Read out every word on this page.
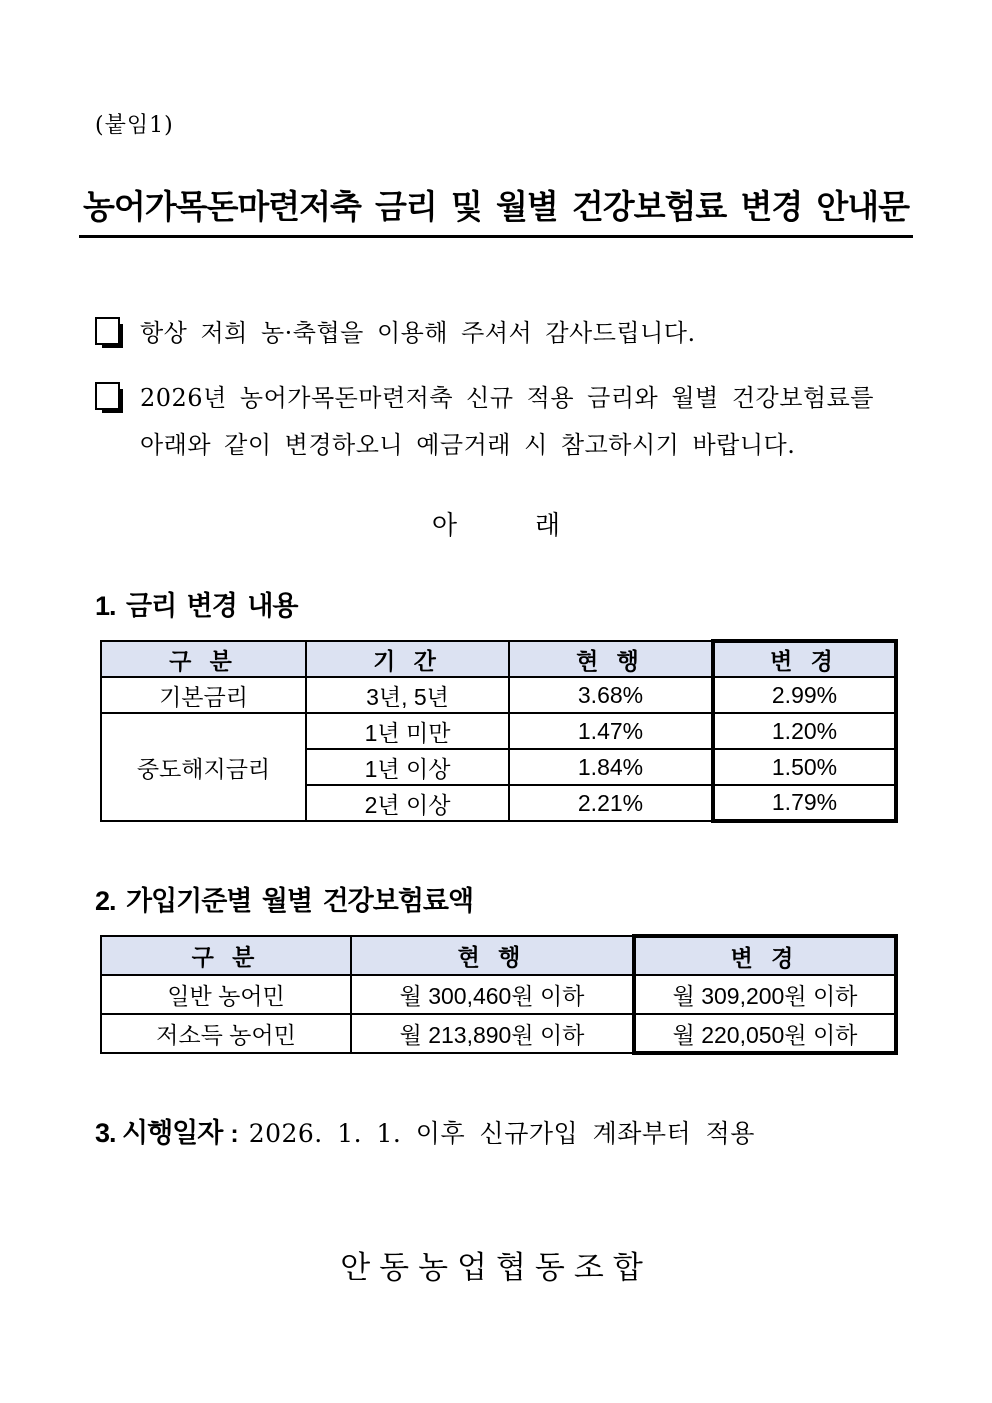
(붙임1)
농어가목돈마련저축 금리 및 월별 건강보험료 변경 안내문
항상 저희 농·축협을 이용해 주셔서 감사드립니다.
2026년 농어가목돈마련저축 신규 적용 금리와 월별 건강보험료를 아래와 같이 변경하오니 예금거래 시 참고하시기 바랍니다.
아	래
1. 금리 변경 내용
구 분	기 간	현 행	변 경
기본금리	3년, 5년	3.68%	2.99%
중도해지금리	1년 미만	1.47%	1.20%
	1년 이상	1.84%	1.50%
	2년 이상	2.21%	1.79%
2. 가입기준별 월별 건강보험료액
구 분	현 행	변 경
일반 농어민	월 300,460원 이하	월 309,200원 이하
저소득 농어민	월 213,890원 이하	월 220,050원 이하
3. 시행일자 : 2026. 1. 1. 이후 신규가입 계좌부터 적용
안동농업협동조합
